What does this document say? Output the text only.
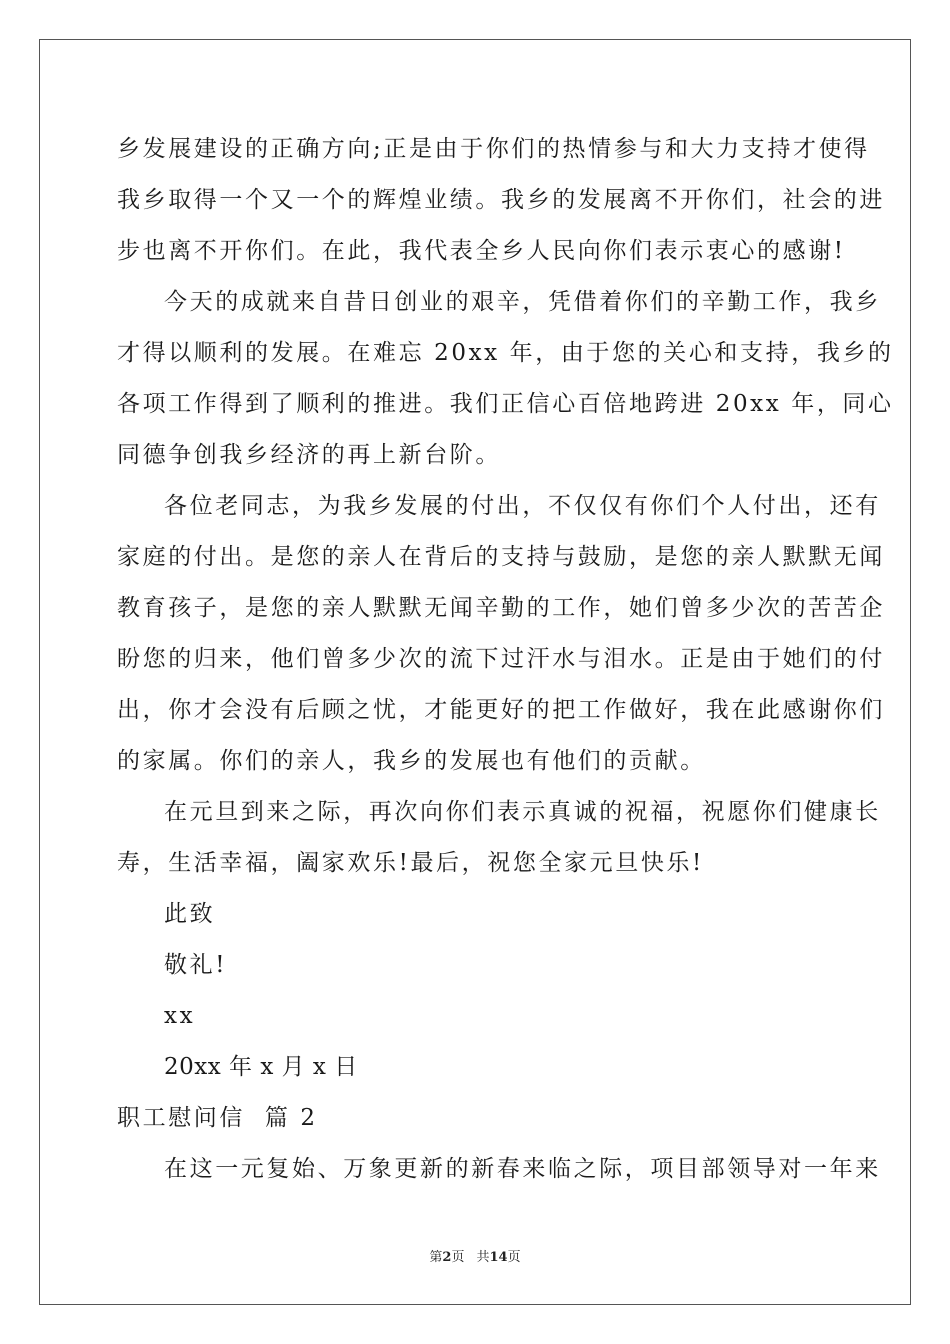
乡发展建设的正确方向;正是由于你们的热情参与和大力支持才使得
我乡取得一个又一个的辉煌业绩。我乡的发展离不开你们，社会的进
步也离不开你们。在此，我代表全乡人民向你们表示衷心的感谢!
今天的成就来自昔日创业的艰辛，凭借着你们的辛勤工作，我乡
才得以顺利的发展。在难忘 20xx 年，由于您的关心和支持，我乡的
各项工作得到了顺利的推进。我们正信心百倍地跨进 20xx 年，同心
同德争创我乡经济的再上新台阶。
各位老同志，为我乡发展的付出，不仅仅有你们个人付出，还有
家庭的付出。是您的亲人在背后的支持与鼓励，是您的亲人默默无闻
教育孩子，是您的亲人默默无闻辛勤的工作，她们曾多少次的苦苦企
盼您的归来，他们曾多少次的流下过汗水与泪水。正是由于她们的付
出，你才会没有后顾之忧，才能更好的把工作做好，我在此感谢你们
的家属。你们的亲人，我乡的发展也有他们的贡献。
在元旦到来之际，再次向你们表示真诚的祝福，祝愿你们健康长
寿，生活幸福，阖家欢乐!最后，祝您全家元旦快乐!
此致
敬礼!
xx
20xx 年 x 月 x 日
职工慰问信  篇 2
在这一元复始、万象更新的新春来临之际，项目部领导对一年来
第2页 共14页
